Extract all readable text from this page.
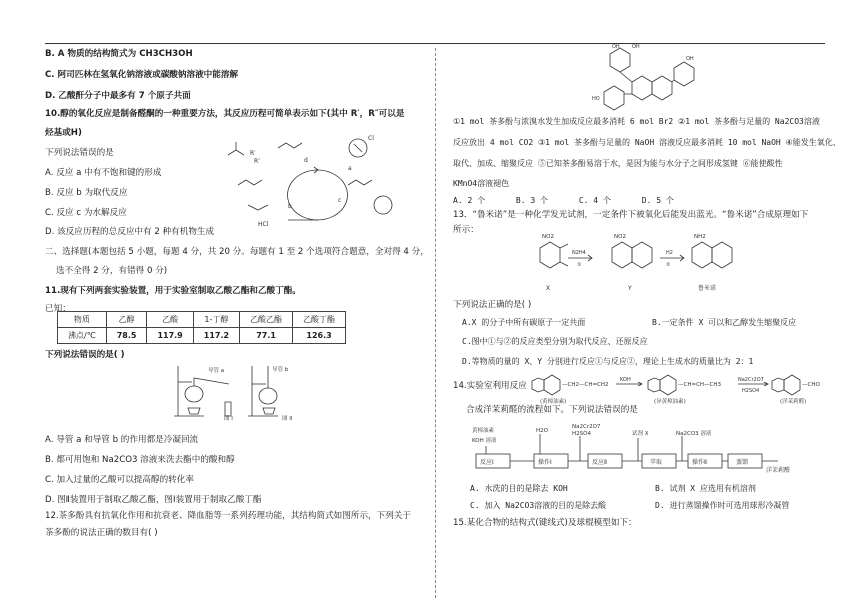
B. A 物质的结构简式为 CH3CH3OH
C. 阿司匹林在氢氧化钠溶液或碳酸钠溶液中能溶解
D. 乙酸酐分子中最多有 7 个原子共面
10.醇的氧化反应是制备醛酮的一种重要方法，其反应历程可简单表示如下(其中 R′，R″可以是
烃基或H)
下列说法错误的是
A. 反应 a 中有不饱和键的形成
B. 反应 b 为取代反应
C. 反应 c 为水解反应
D. 该反应历程的总反应中有 2 种有机物生成
R′
R″
Cl
d
a
b
c
HCl
二、选择题(本题包括 5 小题，每题 4 分，共 20 分。每题有 1 至 2 个选项符合题意，全对得 4 分，
选不全得 2 分，有错得 0 分)
11.现有下列两套实验装置，用于实验室制取乙酸乙酯和乙酸丁酯。
已知：
物质	乙醇	乙酸	1-丁醇	乙酸乙酯	乙酸丁酯
沸点/℃	78.5	117.9	117.2	77.1	126.3
下列说法错误的是( )
导管 a	导管 b
图 I	图 II
A. 导管 a 和导管 b 的作用都是冷凝回流
B. 都可用饱和 Na2CO3 溶液来洗去酯中的酸和醇
C. 加入过量的乙酸可以提高醇的转化率
D. 图Ⅱ装置用于制取乙酸乙酯，图Ⅰ装置用于制取乙酸丁酯
12.茶多酚具有抗氧化作用和抗衰老、降血脂等一系列药理功能，其结构简式如图所示，下列关于
茶多酚的说法正确的数目有( )
OH OH
OH
HO
①1 mol 茶多酚与浓溴水发生加成反应最多消耗 6 mol Br2 ②1 mol 茶多酚与足量的 Na2CO3溶液
反应放出 4 mol CO2 ③1 mol 茶多酚与足量的 NaOH 溶液反应最多消耗 10 mol NaOH ④能发生氧化、
取代、加成、缩聚反应 ⑤已知茶多酚易溶于水，是因为能与水分子之间形成氢键 ⑥能使酸性
KMnO4溶液褪色
A. 2 个	B. 3 个	C. 4 个	D. 5 个
13．“鲁米诺”是一种化学发光试剂，一定条件下被氧化后能发出蓝光。“鲁米诺”合成原理如下
所示：
NO2	NO2	NH2
N2H4
①
H2
②
X	Y	鲁米诺
下列说法正确的是( )
A.X 的分子中所有碳原子一定共面	B.一定条件 X 可以和乙醇发生缩聚反应
C.图中①与②的反应类型分别为取代反应、还原反应
D.等物质的量的 X、Y 分别进行反应①与反应②，理论上生成水的质量比为 2：1
14.实验室利用反应	—CH2—CH=CH2
KOH
—CH=CH—CH3
Na2Cr2O7
H2SO4
—CHO
(黄樟油素)	(异黄樟油素)	(洋茉莉醛)
合成洋茉莉醛的流程如下。下列说法错误的是
黄樟油素
KOH 溶液
H2O
Na2Cr2O7
H2SO4	试剂 X	Na2CO3 溶液
反应Ⅰ	操作Ⅰ	反应Ⅱ	萃取	操作Ⅱ	蒸馏
洋茉莉醛
A. 水洗的目的是除去 KOH	B. 试剂 X 应选用有机溶剂
C. 加入 Na2CO3溶液的目的是除去酸	D. 进行蒸馏操作时可选用球形冷凝管
15.某化合物的结构式(键线式)及球棍模型如下：
